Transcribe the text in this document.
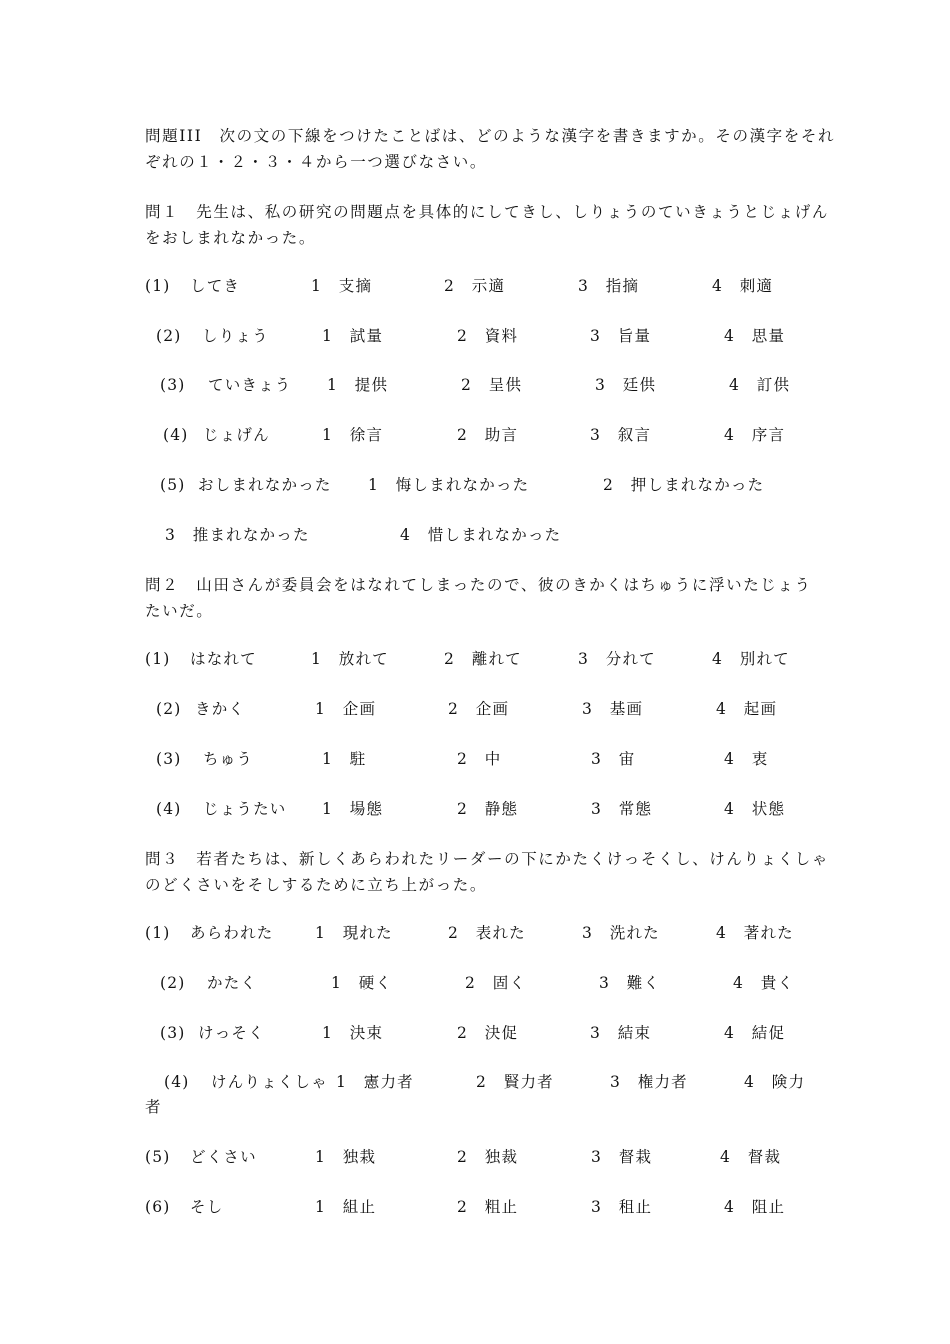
問題III　次の文の下線をつけたことばは、どのような漢字を書きますか。その漢字をそれ
ぞれの１・２・３・４から一つ選びなさい。
問１　先生は、私の研究の問題点を具体的にしてきし、しりょうのていきょうとじょげん
をおしまれなかった。
(1) してき	1　支摘	2　示適	3　指摘	4　刺適
(2) しりょう	1　試量	2　資料	3　旨量	4　思量
(3) ていきょう 1　提供	2　呈供	3　廷供	4　訂供
(4) じょげん	1　徐言	2　助言	3　叙言	4　序言
(5) おしまれなかった 1　悔しまれなかった	2　押しまれなかった
3　推まれなかった	4　惜しまれなかった
問２　山田さんが委員会をはなれてしまったので、彼のきかくはちゅうに浮いたじょう
たいだ。
(1) はなれて	1　放れて	2　離れて	3　分れて	4　別れて
(2) きかく	1　企画	2　企画	3　基画	4　起画
(3) ちゅう	1　駐	2　中	3　宙	4　衷
(4) じょうたい 1　場態	2　静態	3　常態	4　状態
問３　若者たちは、新しくあらわれたリーダーの下にかたくけっそくし、けんりょくしゃ
のどくさいをそしするために立ち上がった。
(1) あらわれた	1　現れた	2　表れた	3　洗れた	4　著れた
(2) かたく	1　硬く	2　固く	3　難く	4　貴く
(3) けっそく	1　決束	2　決促	3　結束	4　結促
(4) けんりょくしゃ 1　憲力者	2　賢力者	3　権力者	4　険力
者
(5) どくさい	1　独栽	2　独裁	3　督栽	4　督裁
(6) そし	1　組止	2　粗止	3　租止	4　阻止
